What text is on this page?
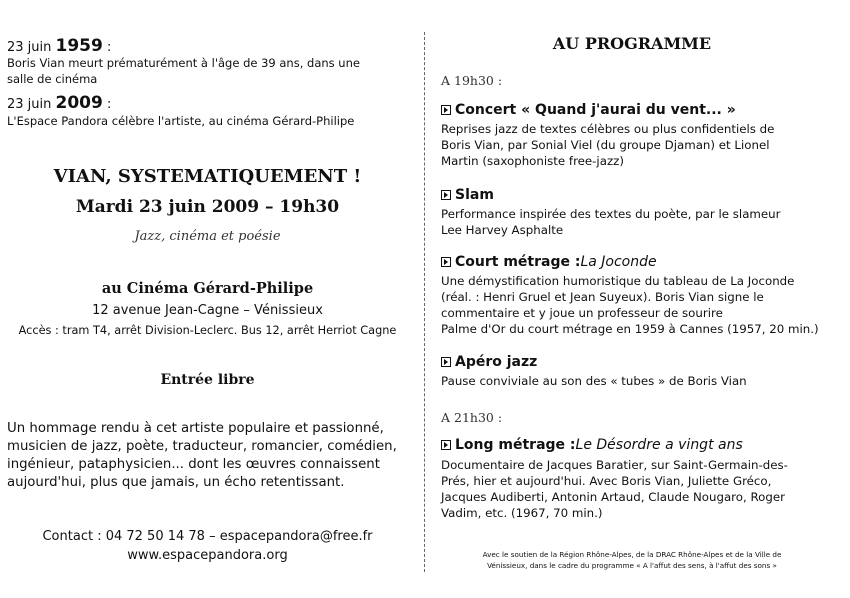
23 juin 1959 :
Boris Vian meurt prématurément à l'âge de 39 ans, dans une
salle de cinéma
23 juin 2009 :
L'Espace Pandora célèbre l'artiste, au cinéma Gérard-Philipe
VIAN, SYSTEMATIQUEMENT !
Mardi 23 juin 2009 – 19h30
Jazz, cinéma et poésie
au Cinéma Gérard-Philipe
12 avenue Jean-Cagne – Vénissieux
Accès : tram T4, arrêt Division-Leclerc. Bus 12, arrêt Herriot Cagne
Entrée libre
Un hommage rendu à cet artiste populaire et passionné,
musicien de jazz, poète, traducteur, romancier, comédien,
ingénieur, pataphysicien... dont les œuvres connaissent
aujourd'hui, plus que jamais, un écho retentissant.
Contact : 04 72 50 14 78 – espacepandora@free.fr
www.espacepandora.org
AU PROGRAMME
A 19h30 :
Concert « Quand j'aurai du vent... »
Reprises jazz de textes célèbres ou plus confidentiels de
Boris Vian, par Sonial Viel (du groupe Djaman) et Lionel
Martin (saxophoniste free-jazz)
Slam
Performance inspirée des textes du poète, par le slameur
Lee Harvey Asphalte
Court métrage : La Joconde
Une démystification humoristique du tableau de La Joconde
(réal. : Henri Gruel et Jean Suyeux). Boris Vian signe le
commentaire et y joue un professeur de sourire
Palme d'Or du court métrage en 1959 à Cannes (1957, 20 min.)
Apéro jazz
Pause conviviale au son des « tubes » de Boris Vian
A 21h30 :
Long métrage : Le Désordre a vingt ans
Documentaire de Jacques Baratier, sur Saint-Germain-des-
Prés, hier et aujourd'hui. Avec Boris Vian, Juliette Gréco,
Jacques Audiberti, Antonin Artaud, Claude Nougaro, Roger
Vadim, etc. (1967, 70 min.)
Avec le soutien de la Région Rhône-Alpes, de la DRAC Rhône-Alpes et de la Ville de
Vénissieux, dans le cadre du programme « A l'affut des sens, à l'affut des sons »
